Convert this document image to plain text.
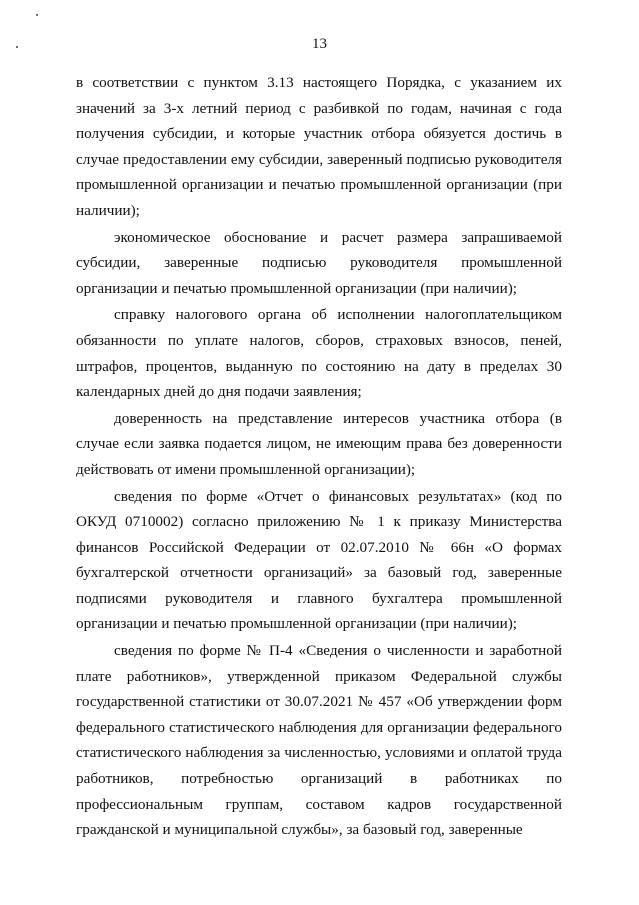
13

в соответствии с пунктом 3.13 настоящего Порядка, с указанием их значений за 3-х летний период с разбивкой по годам, начиная с года получения субсидии, и которые участник отбора обязуется достичь в случае предоставлении ему субсидии, заверенный подписью руководителя промышленной организации и печатью промышленной организации (при наличии);

экономическое обоснование и расчет размера запрашиваемой субсидии, заверенные подписью руководителя промышленной организации и печатью промышленной организации (при наличии);

справку налогового органа об исполнении налогоплательщиком обязанности по уплате налогов, сборов, страховых взносов, пеней, штрафов, процентов, выданную по состоянию на дату в пределах 30 календарных дней до дня подачи заявления;

доверенность на представление интересов участника отбора (в случае если заявка подается лицом, не имеющим права без доверенности действовать от имени промышленной организации);

сведения по форме «Отчет о финансовых результатах» (код по ОКУД 0710002) согласно приложению № 1 к приказу Министерства финансов Российской Федерации от 02.07.2010 № 66н «О формах бухгалтерской отчетности организаций» за базовый год, заверенные подписями руководителя и главного бухгалтера промышленной организации и печатью промышленной организации (при наличии);

сведения по форме № П-4 «Сведения о численности и заработной плате работников», утвержденной приказом Федеральной службы государственной статистики от 30.07.2021 № 457 «Об утверждении форм федерального статистического наблюдения для организации федерального статистического наблюдения за численностью, условиями и оплатой труда работников, потребностью организаций в работниках по профессиональным группам, составом кадров государственной гражданской и муниципальной службы», за базовый год, заверенные
